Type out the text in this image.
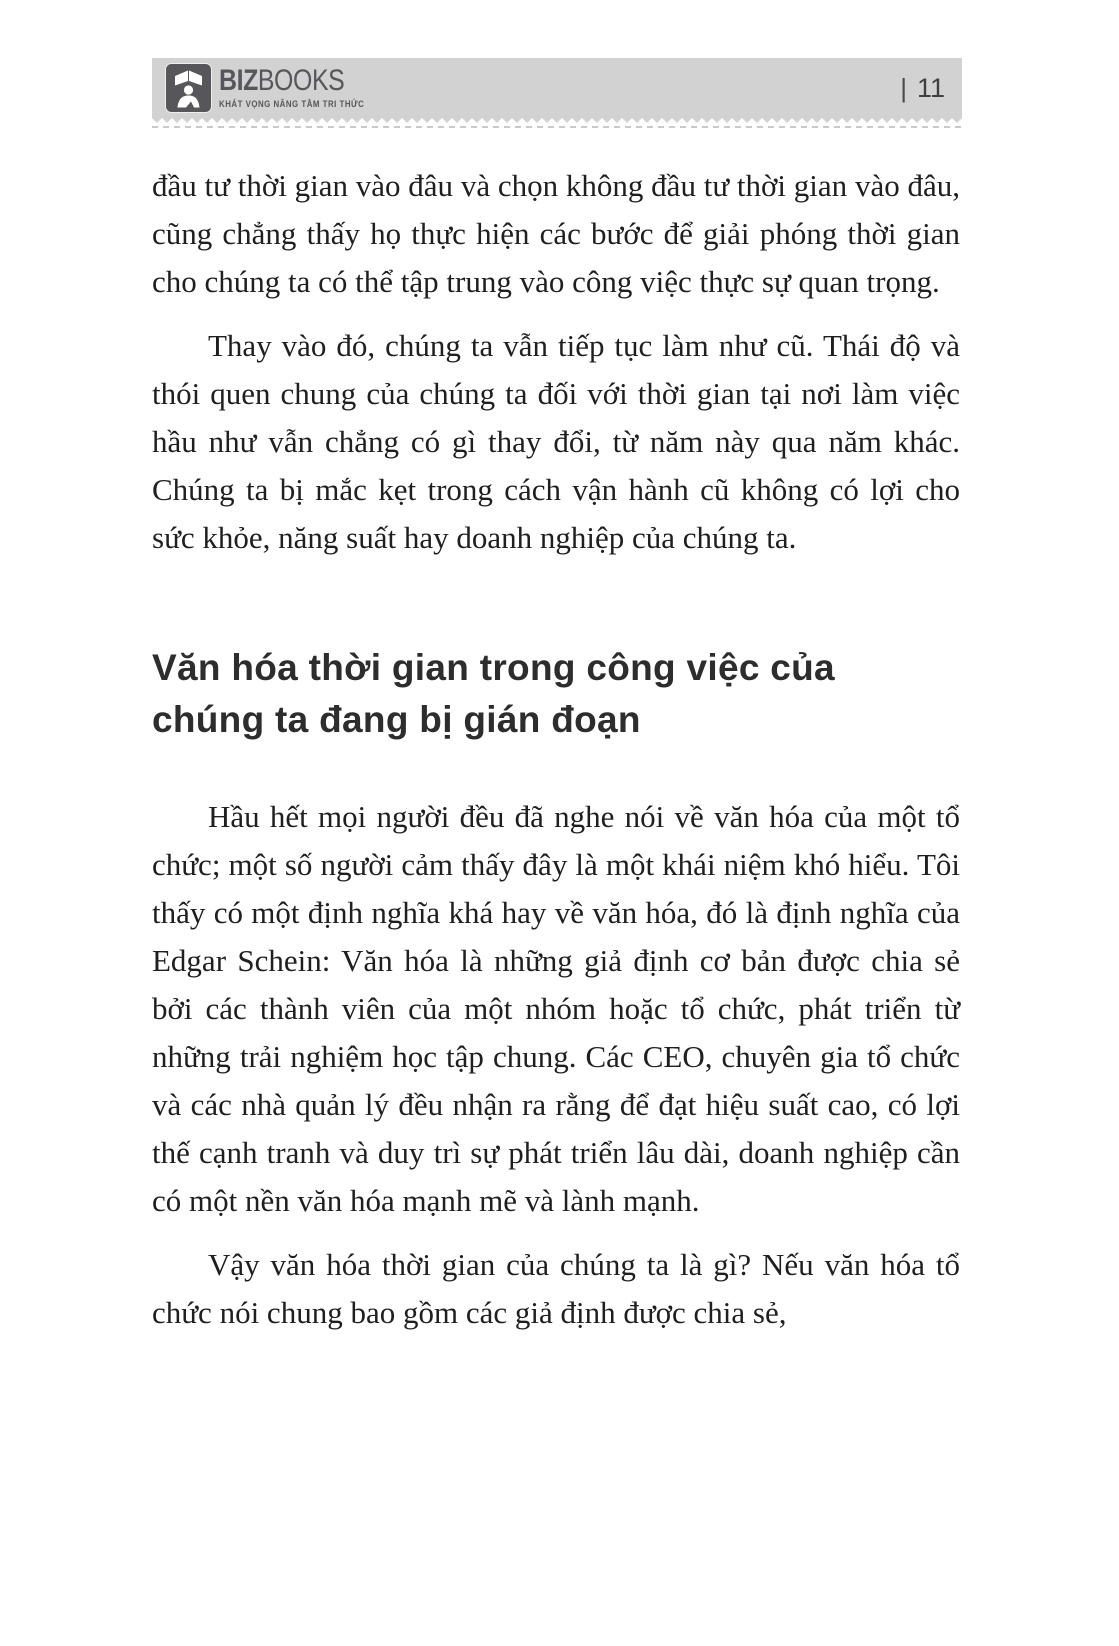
BIZBOOKS
KHÁT VỌNG NÂNG TẦM TRI THỨC
| 11

đầu tư thời gian vào đâu và chọn không đầu tư thời gian vào đâu, cũng chẳng thấy họ thực hiện các bước để giải phóng thời gian cho chúng ta có thể tập trung vào công việc thực sự quan trọng.

Thay vào đó, chúng ta vẫn tiếp tục làm như cũ. Thái độ và thói quen chung của chúng ta đối với thời gian tại nơi làm việc hầu như vẫn chẳng có gì thay đổi, từ năm này qua năm khác. Chúng ta bị mắc kẹt trong cách vận hành cũ không có lợi cho sức khỏe, năng suất hay doanh nghiệp của chúng ta.

Văn hóa thời gian trong công việc của
chúng ta đang bị gián đoạn

Hầu hết mọi người đều đã nghe nói về văn hóa của một tổ chức; một số người cảm thấy đây là một khái niệm khó hiểu. Tôi thấy có một định nghĩa khá hay về văn hóa, đó là định nghĩa của Edgar Schein: Văn hóa là những giả định cơ bản được chia sẻ bởi các thành viên của một nhóm hoặc tổ chức, phát triển từ những trải nghiệm học tập chung. Các CEO, chuyên gia tổ chức và các nhà quản lý đều nhận ra rằng để đạt hiệu suất cao, có lợi thế cạnh tranh và duy trì sự phát triển lâu dài, doanh nghiệp cần có một nền văn hóa mạnh mẽ và lành mạnh.

Vậy văn hóa thời gian của chúng ta là gì? Nếu văn hóa tổ chức nói chung bao gồm các giả định được chia sẻ,
